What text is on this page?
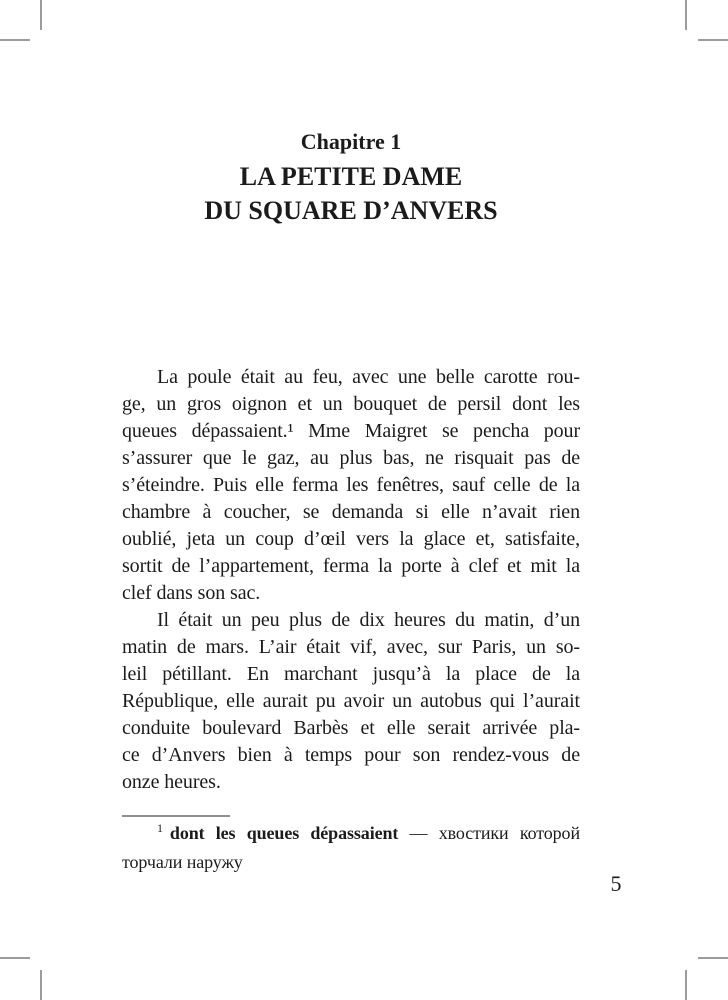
Chapitre 1
LA PETITE DAME
DU SQUARE D’ANVERS
La poule était au feu, avec une belle carotte rou-
ge, un gros oignon et un bouquet de persil dont les
queues dépassaient.¹ Mme Maigret se pencha pour
s’assurer que le gaz, au plus bas, ne risquait pas de
s’éteindre. Puis elle ferma les fenêtres, sauf celle de la
chambre à coucher, se demanda si elle n’avait rien
oublié, jeta un coup d’œil vers la glace et, satisfaite,
sortit de l’appartement, ferma la porte à clef et mit la
clef dans son sac.
Il était un peu plus de dix heures du matin, d’un
matin de mars. L’air était vif, avec, sur Paris, un so-
leil pétillant. En marchant jusqu’à la place de la
République, elle aurait pu avoir un autobus qui l’aurait
conduite boulevard Barbès et elle serait arrivée pla-
ce d’Anvers bien à temps pour son rendez-vous de
onze heures.
$^1$ dont les queues dépassaient — хвостики которой
торчали наружу
5
